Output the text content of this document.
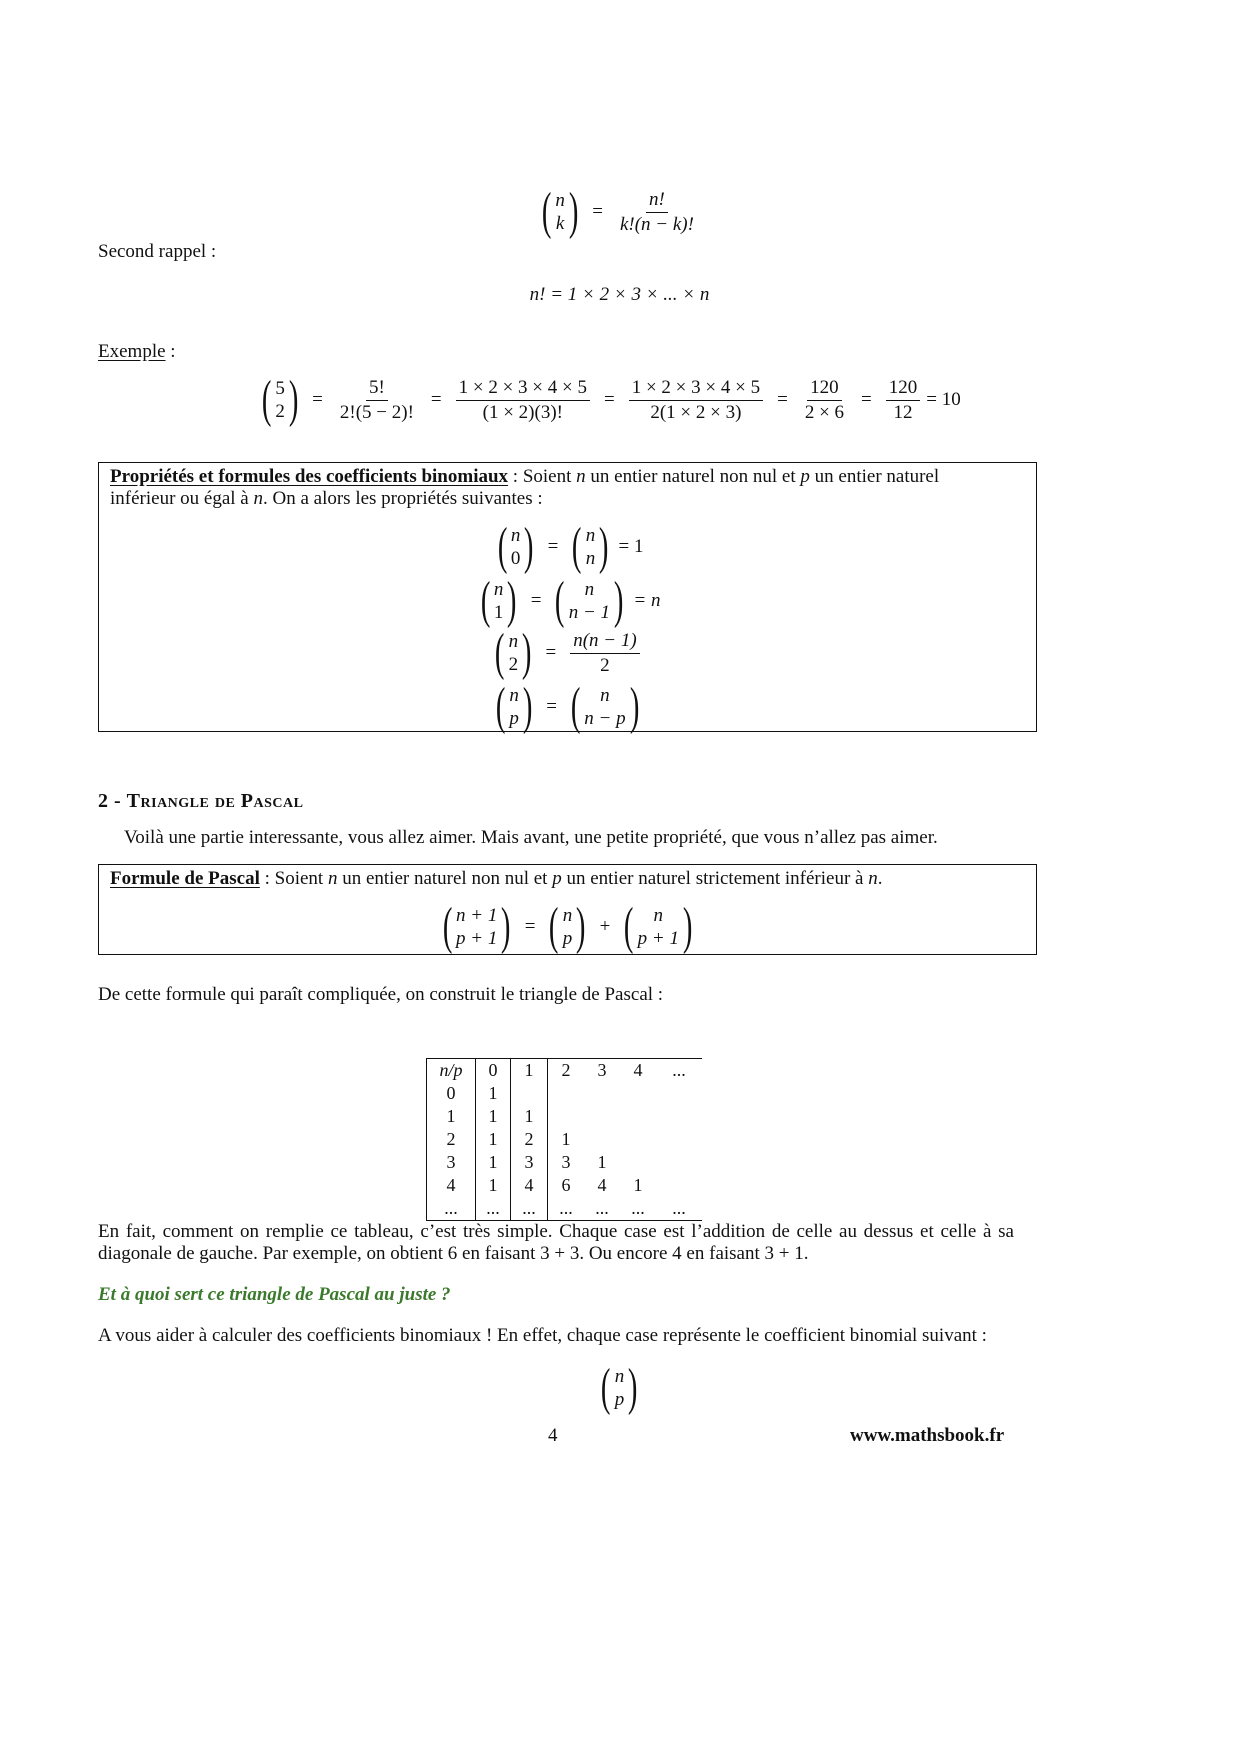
( n
k ) = $\frac{n!}{k!(n - k)!}$
Second rappel :
n! = 1 × 2 × 3 × ... × n
Exemple :
( 5
2 ) = $\frac{5!}{2!(5 - 2)!} = \frac{1 \times 2 \times 3 \times 4 \times 5}{(1 \times 2)(3)!} = \frac{1 \times 2 \times 3 \times 4 \times 5}{2(1 \times 2 \times 3)} = \frac{120}{2 \times 6} = \frac{120}{12} = 10$
Propriétés et formules des coefficients binomiaux : Soient n un entier naturel non nul et p un entier naturel
inférieur ou égal à n. On a alors les propriétés suivantes :
( n
0 ) = ( n
n ) = 1
( n
1 ) = ( n
n − 1 ) = n
( n
2 ) = $\frac{n(n - 1)}{2}$
( n
p ) = ( n
n − p )
2 - Triangle de Pascal
Voilà une partie interessante, vous allez aimer. Mais avant, une petite propriété, que vous n’allez pas aimer.
Formule de Pascal : Soient n un entier naturel non nul et p un entier naturel strictement inférieur à n.
( n + 1
p + 1 ) = ( n
p ) + ( n
p + 1 )
De cette formule qui paraît compliquée, on construit le triangle de Pascal :
n/p	0	1	2	3	4	...
0	1					
1	1	1				
2	1	2	1			
3	1	3	3	1		
4	1	4	6	4	1	
...	...	...	...	...	...	...
En fait, comment on remplie ce tableau, c’est très simple. Chaque case est l’addition de celle au dessus et celle à sa
diagonale de gauche. Par exemple, on obtient 6 en faisant 3 + 3. Ou encore 4 en faisant 3 + 1.
Et à quoi sert ce triangle de Pascal au juste ?
A vous aider à calculer des coefficients binomiaux ! En effet, chaque case représente le coefficient binomial suivant :
( n
p )
4	www.mathsbook.fr
